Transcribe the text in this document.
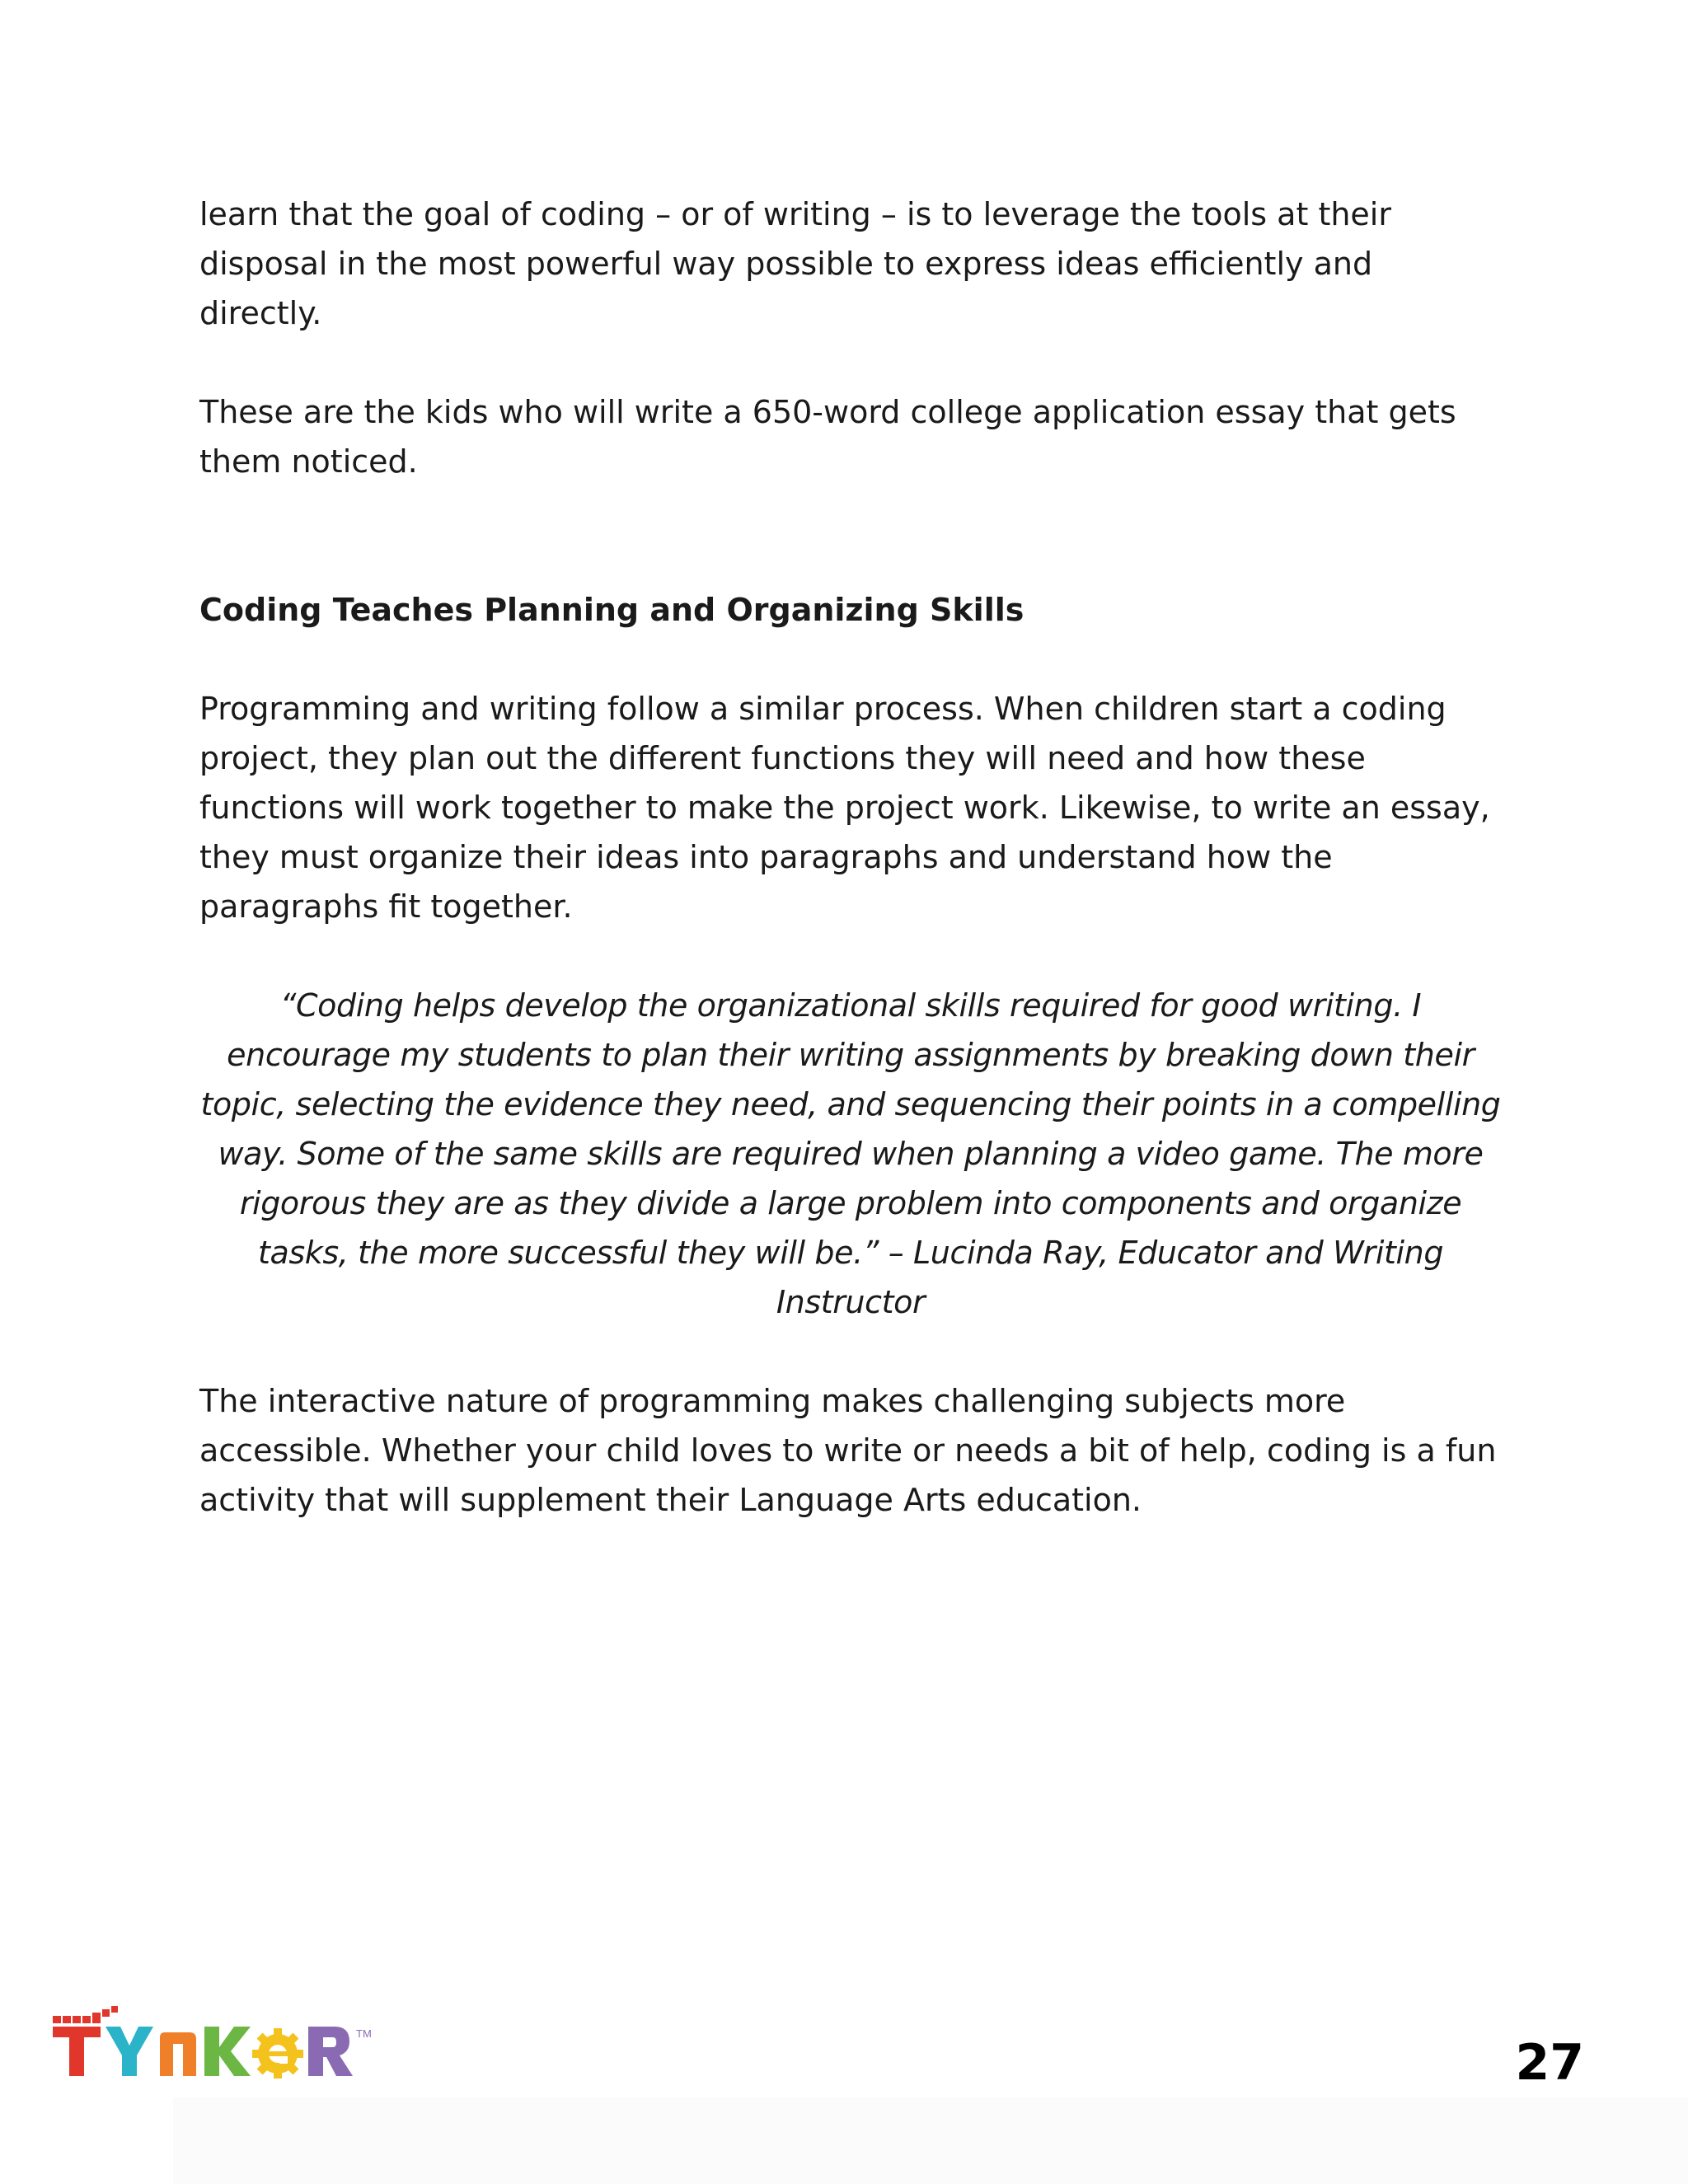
learn that the goal of coding – or of writing – is to leverage the tools at their disposal in the most powerful way possible to express ideas efficiently and directly.

These are the kids who will write a 650-word college application essay that gets them noticed.

Coding Teaches Planning and Organizing Skills

Programming and writing follow a similar process. When children start a coding project, they plan out the different functions they will need and how these functions will work together to make the project work. Likewise, to write an essay, they must organize their ideas into paragraphs and understand how the paragraphs fit together.

“Coding helps develop the organizational skills required for good writing. I encourage my students to plan their writing assignments by breaking down their topic, selecting the evidence they need, and sequencing their points in a compelling way. Some of the same skills are required when planning a video game. The more rigorous they are as they divide a large problem into components and organize tasks, the more successful they will be.” – Lucinda Ray, Educator and Writing Instructor

The interactive nature of programming makes challenging subjects more accessible. Whether your child loves to write or needs a bit of help, coding is a fun activity that will supplement their Language Arts education.

TM
27
